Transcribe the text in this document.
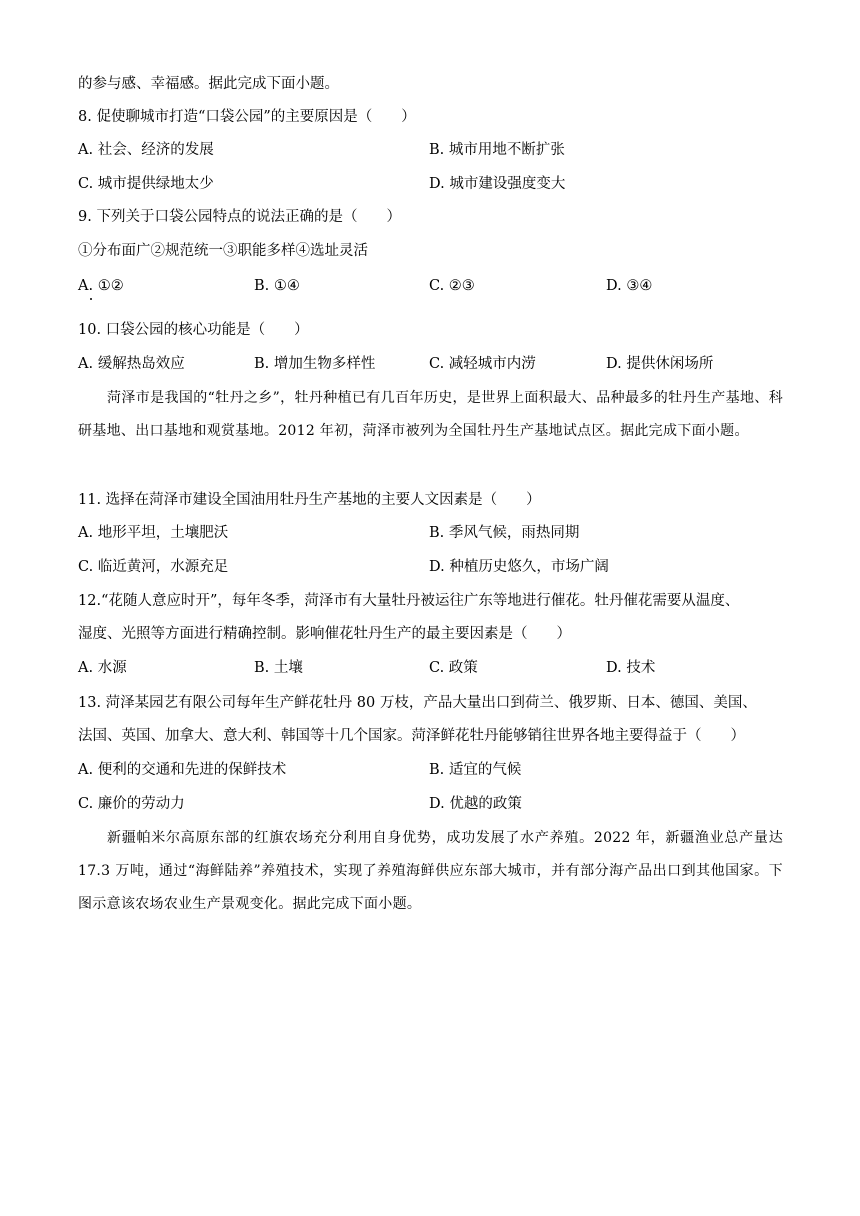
的参与感、幸福感。据此完成下面小题。
8. 促使聊城市打造“口袋公园”的主要原因是（　　）
A. 社会、经济的发展	B. 城市用地不断扩张
C. 城市提供绿地太少	D. 城市建设强度变大
9. 下列关于口袋公园特点的说法正确的是（　　）
①分布面广②规范统一③职能多样④选址灵活
A. ①②	B. ①④	C. ②③	D. ③④
10. 口袋公园的核心功能是（　　）
A. 缓解热岛效应	B. 增加生物多样性	C. 减轻城市内涝	D. 提供休闲场所
菏泽市是我国的“牡丹之乡”，牡丹种植已有几百年历史，是世界上面积最大、品种最多的牡丹生产基地、科研基地、出口基地和观赏基地。2012 年初，菏泽市被列为全国牡丹生产基地试点区。据此完成下面小题。
11. 选择在菏泽市建设全国油用牡丹生产基地的主要人文因素是（　　）
A. 地形平坦，土壤肥沃	B. 季风气候，雨热同期
C. 临近黄河，水源充足	D. 种植历史悠久，市场广阔
12.“花随人意应时开”，每年冬季，菏泽市有大量牡丹被运往广东等地进行催花。牡丹催花需要从温度、
湿度、光照等方面进行精确控制。影响催花牡丹生产的最主要因素是（　　）
A. 水源	B. 土壤	C. 政策	D. 技术
13. 菏泽某园艺有限公司每年生产鲜花牡丹 80 万枝，产品大量出口到荷兰、俄罗斯、日本、德国、美国、
法国、英国、加拿大、意大利、韩国等十几个国家。菏泽鲜花牡丹能够销往世界各地主要得益于（　　）
A. 便利的交通和先进的保鲜技术	B. 适宜的气候
C. 廉价的劳动力	D. 优越的政策
新疆帕米尔高原东部的红旗农场充分利用自身优势，成功发展了水产养殖。2022 年，新疆渔业总产量达 17.3 万吨，通过“海鲜陆养”养殖技术，实现了养殖海鲜供应东部大城市，并有部分海产品出口到其他国家。下图示意该农场农业生产景观变化。据此完成下面小题。
